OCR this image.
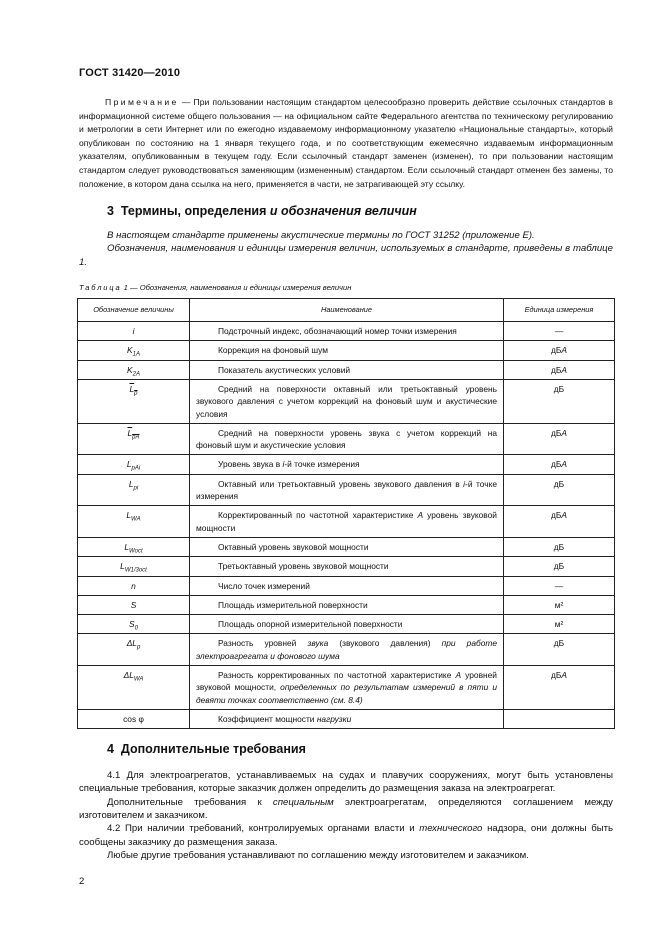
ГОСТ 31420—2010
Примечание — При пользовании настоящим стандартом целесообразно проверить действие ссылочных стандартов в информационной системе общего пользования — на официальном сайте Федерального агентства по техническому регулированию и метрологии в сети Интернет или по ежегодно издаваемому информационному указателю «Национальные стандарты», который опубликован по состоянию на 1 января текущего года, и по соответствующим ежемесячно издаваемым информационным указателям, опубликованным в текущем году. Если ссылочный стандарт заменен (изменен), то при пользовании настоящим стандартом следует руководствоваться заменяющим (измененным) стандартом. Если ссылочный стандарт отменен без замены, то положение, в котором дана ссылка на него, применяется в части, не затрагивающей эту ссылку.
3 Термины, определения и обозначения величин

В настоящем стандарте применены акустические термины по ГОСТ 31252 (приложение Е).

Обозначения, наименования и единицы измерения величин, используемых в стандарте, приведены в таблице 1.

Таблица 1 — Обозначения, наименования и единицы измерения величин
Обозначение величины	Наименование	Единица измерения
i	Подстрочный индекс, обозначающий номер точки измерения	—
$K_{1A}$	Коррекция на фоновый шум	дБA
$K_{2A}$	Показатель акустических условий	дБA
$L_p$	Средний на поверхности октавный или третьоктавный уровень звукового давления с учетом коррекций на фоновый шум и акустические условия	дБ
$L_{pA}$	Средний на поверхности уровень звука с учетом коррекций на фоновый шум и акустические условия	дБA
$L_{pAi}$	Уровень звука в i-й точке измерения	дБA
$L_{pi}$	Октавный или третьоктавный уровень звукового давления в i-й точке измерения	дБ
$L_{WA}$	Корректированный по частотной характеристике A уровень звуковой мощности	дБA
$L_{Woct}$	Октавный уровень звуковой мощности	дБ
$L_{W1/3oct}$	Третьоктавный уровень звуковой мощности	дБ
n	Число точек измерений	—
S	Площадь измерительной поверхности	м²
$S_0$	Площадь опорной измерительной поверхности	м²
$\Delta L_p$	Разность уровней звука (звукового давления) при работе электроагрегата и фонового шума	дБ
$\Delta L_{WA}$	Разность корректированных по частотной характеристике A уровней звуковой мощности, определенных по результатам измерений в пяти и девяти точках соответственно (см. 8.4)	дБA
cos φ	Коэффициент мощности нагрузки	
4 Дополнительные требования

4.1 Для электроагрегатов, устанавливаемых на судах и плавучих сооружениях, могут быть установлены специальные требования, которые заказчик должен определить до размещения заказа на электроагрегат.

Дополнительные требования к специальным электроагрегатам, определяются соглашением между изготовителем и заказчиком.

4.2 При наличии требований, контролируемых органами власти и технического надзора, они должны быть сообщены заказчику до размещения заказа.

Любые другие требования устанавливают по соглашению между изготовителем и заказчиком.

2
